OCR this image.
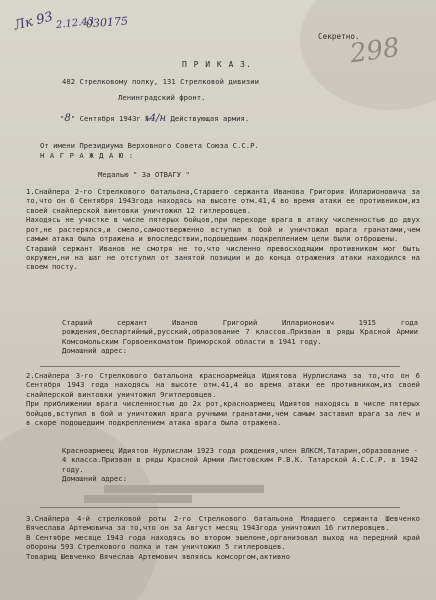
Лк 93 2.12.43
030175
298
Секретно.
П Р И К А З.
482 Стрелковому полку, 131 Стрелковой дивизии
Ленинградский фронт.
"8" Сентября 1943г №4/н Действующая армия.
От имени Президиума Верховного Совета Союза С.С.Р.
Н А Г Р А Ж Д А Ю :
Медалью " За ОТВАГУ "

1.Снайпера 2-го Стрелкового батальона,Старшего сержанта Иванова Григория Иллариoновича за то,что он 6 Сентября 1943года находясь на высоте отм.41,4 во время атаки ее противником,из своей снайперской винтовки уничтожил 12 гитлеровцев.

Находясь не участке в числе пятерых бойцов,при переходе врага в атаку численностью до двух рот,не растерялся,и смело,самоотверженно вступил в бой и уничтожал врага гранатами,чем самым атака была отражена и впоследствии,подошедшим подкреплением цепи были отброшены.

Старший сержант Иванов не смотря не то,что численно превосходящим противником мог быть окружен,ни на шаг не отступил от занятой позиции и до конца отражения атаки находился на своем посту.

Старший сержант Иванов Григорий Иллариoнович 1915 года рождения,беспартийный,русский,образование 7 классов.Призван в ряды Красной Армии Комсомольским Горвоенкоматом Приморской области в 1941 году.

Домашний адрес:

2.Снайпера 3-го Стрелкового батальона красноармейца Идиятова Нурлислама за то,что он 6 Сентября 1943 года находясь на высоте отм.41,4 во время атаки ее противником,из своей снайперской винтовки уничтожил 9гитлеровцев.

При приближении врага численностью до 2х рот,красноармеец Идиятов находясь в числе пятерых бойцов,вступил в бой и уничтожил врага ручными гранатами,чем самым заставил врага за леч и в скоре подошедшим подкреплением атака врага была отражена.

Красноармеец Идиятов Нурлислам 1923 года рождения,член ВЛКСМ,Татарин,образование - 4 класса.Призван в ряды Красной Армии Листовским Р.В.К. Татарской А.С.С.Р. в 1942 году.

Домашний адрес:

3.Снайпера 4-й стрелковой роты 2-го Стрелкового батальона Младшего сержанта Шевченко Вячеслава Артемовича за то,что он за Август месяц 1943года уничтожил 16 гитлеровцев.

В Сентябре месяце 1943 года находясь во втором эшелоне,организовал выход на передний край обороны 593 Стрелкового полка и там уничтожил 5 гитлеровцев.

Товарищ Шевченко Вячеслав Артемович являясь комсоргом,активно
